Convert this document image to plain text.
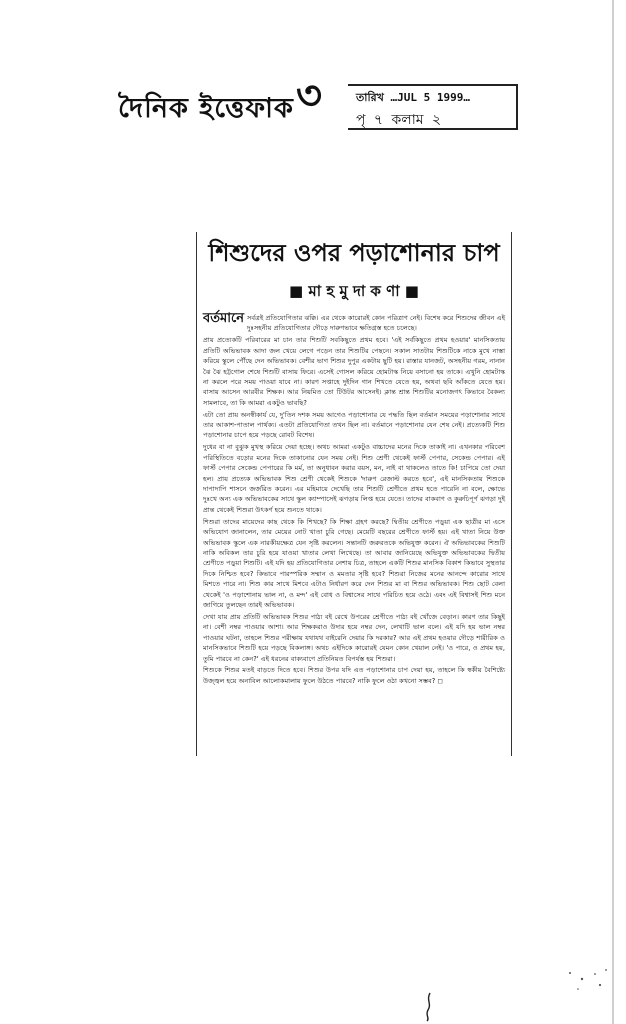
দৈনিক ইত্তেফাক ৩	তারিখ …JUL 5 1999…
পৃ ৭ কলাম ২
শিশুদের ওপর পড়াশোনার চাপ
■ মা হ মু দা ক ণা ■

বর্তমানে সর্বত্রই প্রতিযোগিতার ঝক্কি। এর থেকে কারোরই কোন পরিত্রাণ নেই। বিশেষ করে শিশুদের জীবন এই দুঃসহনীয় প্রতিযোগিতার দৌড়ে দারুণভাবে ক্ষতিগ্রস্ত হতে চলেছে।

প্রায় প্রত্যেকটি পরিবারের মা চান তার শিশুটি সবকিছুতে প্রথম হবে। 'এই সর্বকিছুতে প্রথম হওয়ার' মানসিকতায় প্রতিটি অভিভাবক আদা জল খেয়ে লেগে পড়েন তার শিশুটির পেছনে। সকাল সাতটায় শিশুটিকে নাকে মুখে নাস্তা করিয়ে স্কুলে পৌঁছে দেন অভিভাবক। বেশীর ভাগ শিশুর দুপুর একটায় ছুটি হয়। রাস্তার যানজট, অসহনীয় গরম, নানান ঝৈ ঝৈ হট্টগোল শেষে শিশুটি বাসায় ফিরে। এসেই গোসল করিয়ে হোমটাস্ক নিয়ে বসানো হয় তাকে। এখুনি হোমটাস্ক না করলে পরে সময় পাওয়া যাবে না। কারণ সপ্তাহে দুইদিন গান শিখতে যেতে হয়, অথবা ছবি আঁকতে যেতে হয়। বাসায় আসেন আরবীর শিক্ষক। আর নিয়মিত তো টিউটর আসেনই। ক্লান্ত শ্রান্ত শিশুটির মনোজগৎ কিভাবে বৈকল্য সামলাবে, তা কি আমরা একটুও ভাবছি?

এটা তো প্রায় অনস্বীকার্য যে, দু'তিন দশক সময় আগেও পড়াশোনার যে পদ্ধতি ছিল বর্তমান সময়ের পড়াশোনার সাথে তার আকাশ-পাতাল পার্থক্য। এতটা প্রতিযোগিতা তখন ছিল না। বর্তমানে পড়াশোনার যেন শেষ নেই। প্রত্যেকটি শিশু পড়াশোনার চাপে হয়ে পড়ছে রোবট বিশেষ।

দুধের বা না বুঝুক মুখস্থ করিয়ে দেয়া হচ্ছে। অথচ আমরা একটুও বাচ্চাদের মনের দিকে তাকাই না। এখনকার পরিবেশ পরিস্থিতিতে বড়োর মনের দিকে তাকানোর যেন সময় নেই। শিশু শ্রেণী থেকেই ফার্স্ট পেপার, সেকেন্ড পেপার। এই ফার্স্ট পেপার সেকেন্ড পেপারের কি মর্ম, তা অনুধাবন করার বয়স, মন, নাই বা থাকলেও তাতে কি! চাপিয়ে তো দেয়া হল। প্রায় প্রত্যেক অভিভাবক শিশু শ্রেণী থেকেই শিশুকে 'দারুণ রেজাল্ট করতে হবে', এই মানসিকতায় শিশুকে দাপাদাপি শাসনে জর্জরিত করেন। এর মহিমায়ে দেখেছি তার শিশুটি শ্রেণীতে প্রথম হতে পারেনি না বলে, ক্ষোভে দুঃখে অন্য এক অভিভাবকের সাথে স্কুল ক্যাম্পাসেই ঝগড়ায় লিপ্ত হয়ে যেতে। তাদের বাকবাণ ও কুরুচিপূর্ণ ঝগড়া দুই প্রান্ত থেকেই শিশুরা উৎকর্ণ হয়ে শুনতে থাকে।

শিশুরা তাদের মায়েদের কাছ থেকে কি শিখছে? কি শিক্ষা গ্রহণ করছে? দ্বিতীয় শ্রেণীতে পড়ুয়া এক ছাত্রীর মা এসে অভিযোগ জানালেন, তার মেয়ের নোট খাতা চুরি গেছে। মেয়েটি বছরের শ্রেণীতে ফার্স্ট হয়। এই খাতা নিয়ে উক্ত অভিভাবক স্কুলে এক নারকীয়ক্ষেত্র যেন সৃষ্টি করলেন। সন্তানটি জরুরতকে অভিযুক্ত করেন। ঐ অভিভাবকের শিশুটি নাকি অবিকল তার চুরি হয়ে যাওয়া খাতার লেখা লিখেছে। তা আবার জানিয়েছে অভিযুক্ত অভিভাবকের দ্বিতীয় শ্রেণীতে পড়ুয়া শিশুটি। এই যদি হয় প্রতিযোগিতার নেশায় চিত্র, তাহলে একটি শিশুর মানসিক বিকাশ কিভাবে সুস্থতার দিকে নিশ্চিত হবে? কিভাবে পারস্পরিক সম্মান ও মমতার সৃষ্টি হবে? শিশুরা নিজের মনের আনন্দে কারোর সাথে মিশতে পারে না। শিশু কার সাথে মিশবে এটাও নির্ধারণ করে দেন শিশুর মা বা শিশুর অভিভাবক। শিশু ছোট বেলা থেকেই 'ও পড়াশোনায় ভাল না, ও মন্দ' এই বোধ ও বিশ্বাসের সাথে পরিচিত হয়ে ওঠে। এবং এই বিশ্বাসই শিশু মনে জাগিয়ে তুলছেন তারই অভিভাবক।

দেখা যায় প্রায় প্রতিটি অভিভাবক শিশুর পাঠ্য বই রেখে উপরের শ্রেণীতে পাঠ্য বই খোঁজে বেড়ান। কারণ তার কিছুই না। বেশী নম্বর পাওয়ার আশা। আর শিক্ষকরাও উদার হয়ে নম্বর দেন, লেখাটি ভাল বলে। এই যদি হয় ভাল নম্বর পাওয়ার ঘটনা, তাহলে শিশুর পরীক্ষায় যথাযথ বাইরেনি দেয়ার কি দরকার? আর এই প্রথম হওয়ার দৌড়ে শারীরিক ও মানসিকভাবে শিশুটি হয়ে পড়ছে বিকলাঙ্গ। অথচ এইদিকে কারোরই যেমন কোন খেয়াল নেই। 'ও পারে, ও প্রথম হয়, তুমি পারবে না কেন?' এই ধরনের বাক্যবাণে প্রতিনিয়ত বিপর্যস্ত হয় শিশুরা।

শিশুকে শিশুর মতই বাড়তে দিতে হবে। শিশুর উপর যদি এত পড়াশোনার চাপ দেয়া হয়, তাহলে কি স্বকীয় বৈশিষ্ট্যে উজ্জ্বল হয়ে অনাবিল আলোকমালায় ফুলে উঠতে পারবে? নাকি ফুলে ওঠা কখনো সম্ভব? ◻
